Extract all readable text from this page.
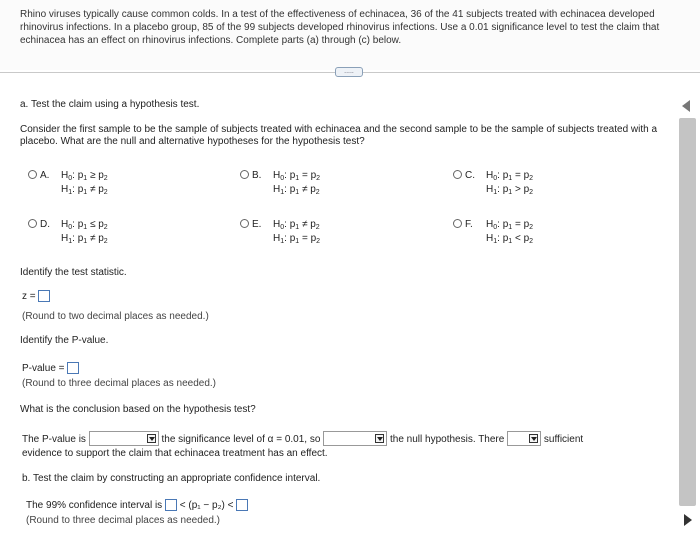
Rhino viruses typically cause common colds. In a test of the effectiveness of echinacea, 36 of the 41 subjects treated with echinacea developed rhinovirus infections. In a placebo group, 85 of the 99 subjects developed rhinovirus infections. Use a 0.01 significance level to test the claim that echinacea has an effect on rhinovirus infections. Complete parts (a) through (c) below.
.....
a. Test the claim using a hypothesis test.
Consider the first sample to be the sample of subjects treated with echinacea and the second sample to be the sample of subjects treated with a placebo. What are the null and alternative hypotheses for the hypothesis test?
A. $H_0$: $p_1 \ge p_2$
$H_1$: $p_1 \ne p_2$
B. $H_0$: $p_1 = p_2$
$H_1$: $p_1 \ne p_2$
C. $H_0$: $p_1 = p_2$
$H_1$: $p_1 > p_2$
D. $H_0$: $p_1 \le p_2$
$H_1$: $p_1 \ne p_2$
E. $H_0$: $p_1 \ne p_2$
$H_1$: $p_1 = p_2$
F. $H_0$: $p_1 = p_2$
$H_1$: $p_1 < p_2$
Identify the test statistic.
z =
(Round to two decimal places as needed.)
Identify the P-value.
P-value =
(Round to three decimal places as needed.)
What is the conclusion based on the hypothesis test?
The P-value is	the significance level of α = 0.01, so	the null hypothesis. There	sufficient
evidence to support the claim that echinacea treatment has an effect.
b. Test the claim by constructing an appropriate confidence interval.
The 99% confidence interval is < (p₁ − p₂) <
(Round to three decimal places as needed.)
